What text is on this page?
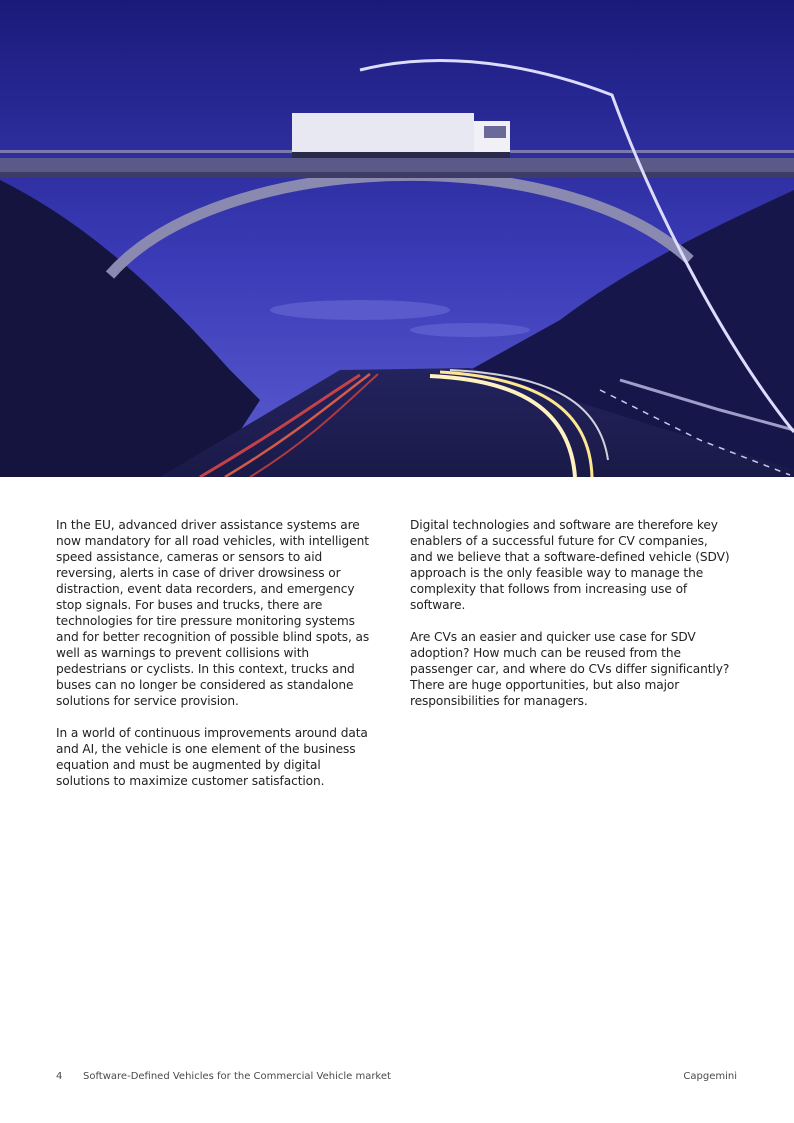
In the EU, advanced driver assistance systems are now mandatory for all road vehicles, with intelligent speed assistance, cameras or sensors to aid reversing, alerts in case of driver drowsiness or distraction, event data recorders, and emergency stop signals. For buses and trucks, there are technologies for tire pressure monitoring systems and for better recognition of possible blind spots, as well as warnings to prevent collisions with pedestrians or cyclists. In this context, trucks and buses can no longer be considered as standalone solutions for service provision.

In a world of continuous improvements around data and AI, the vehicle is one element of the business equation and must be augmented by digital solutions to maximize customer satisfaction.

Digital technologies and software are therefore key enablers of a successful future for CV companies, and we believe that a software-defined vehicle (SDV) approach is the only feasible way to manage the complexity that follows from increasing use of software.

Are CVs an easier and quicker use case for SDV adoption? How much can be reused from the passenger car, and where do CVs differ significantly? There are huge opportunities, but also major responsibilities for managers.

4 Software-Defined Vehicles for the Commercial Vehicle market	Capgemini
